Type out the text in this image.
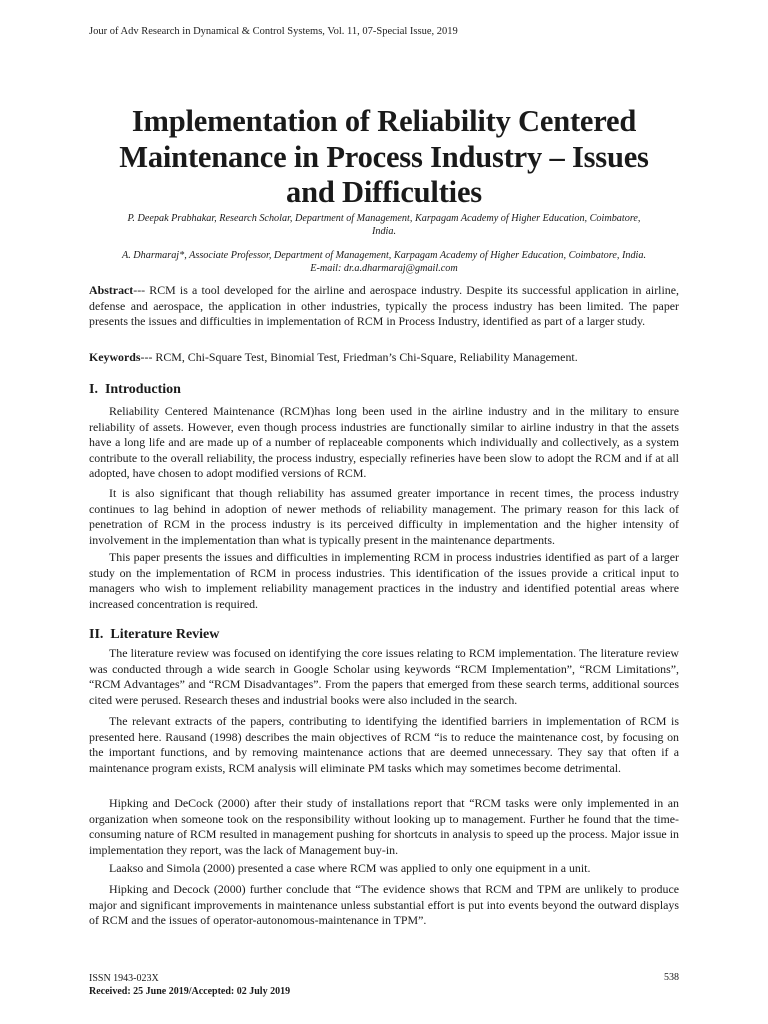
Jour of Adv Research in Dynamical & Control Systems, Vol. 11, 07-Special Issue, 2019
Implementation of Reliability Centered
Maintenance in Process Industry – Issues
and Difficulties
P. Deepak Prabhakar, Research Scholar, Department of Management, Karpagam Academy of Higher Education, Coimbatore,
India.
A. Dharmaraj*, Associate Professor, Department of Management, Karpagam Academy of Higher Education, Coimbatore, India.
E-mail: dr.a.dharmaraj@gmail.com

Abstract--- RCM is a tool developed for the airline and aerospace industry. Despite its successful application in airline, defense and aerospace, the application in other industries, typically the process industry has been limited. The paper presents the issues and difficulties in implementation of RCM in Process Industry, identified as part of a larger study.

Keywords--- RCM, Chi-Square Test, Binomial Test, Friedman’s Chi-Square, Reliability Management.

I.  Introduction

Reliability Centered Maintenance (RCM)has long been used in the airline industry and in the military to ensure reliability of assets. However, even though process industries are functionally similar to airline industry in that the assets have a long life and are made up of a number of replaceable components which individually and collectively, as a system contribute to the overall reliability, the process industry, especially refineries have been slow to adopt the RCM and if at all adopted, have chosen to adopt modified versions of RCM.

It is also significant that though reliability has assumed greater importance in recent times, the process industry continues to lag behind in adoption of newer methods of reliability management. The primary reason for this lack of penetration of RCM in the process industry is its perceived difficulty in implementation and the higher intensity of involvement in the implementation than what is typically present in the maintenance departments.

This paper presents the issues and difficulties in implementing RCM in process industries identified as part of a larger study on the implementation of RCM in process industries. This identification of the issues provide a critical input to managers who wish to implement reliability management practices in the industry and identified potential areas where increased concentration is required.

II.  Literature Review

The literature review was focused on identifying the core issues relating to RCM implementation. The literature review was conducted through a wide search in Google Scholar using keywords “RCM Implementation”, “RCM Limitations”, “RCM Advantages” and “RCM Disadvantages”. From the papers that emerged from these search terms, additional sources cited were perused. Research theses and industrial books were also included in the search.

The relevant extracts of the papers, contributing to identifying the identified barriers in implementation of RCM is presented here. Rausand (1998) describes the main objectives of RCM “is to reduce the maintenance cost, by focusing on the important functions, and by removing maintenance actions that are deemed unnecessary. They say that often if a maintenance program exists, RCM analysis will eliminate PM tasks which may sometimes become detrimental.

Hipking and DeCock (2000) after their study of installations report that “RCM tasks were only implemented in an organization when someone took on the responsibility without looking up to management. Further he found that the time-consuming nature of RCM resulted in management pushing for shortcuts in analysis to speed up the process. Major issue in implementation they report, was the lack of Management buy-in.

Laakso and Simola (2000) presented a case where RCM was applied to only one equipment in a unit.

Hipking and Decock (2000) further conclude that “The evidence shows that RCM and TPM are unlikely to produce major and significant improvements in maintenance unless substantial effort is put into events beyond the outward displays of RCM and the issues of operator-autonomous-maintenance in TPM”.

ISSN 1943-023X
Received: 25 June 2019/Accepted: 02 July 2019
538
